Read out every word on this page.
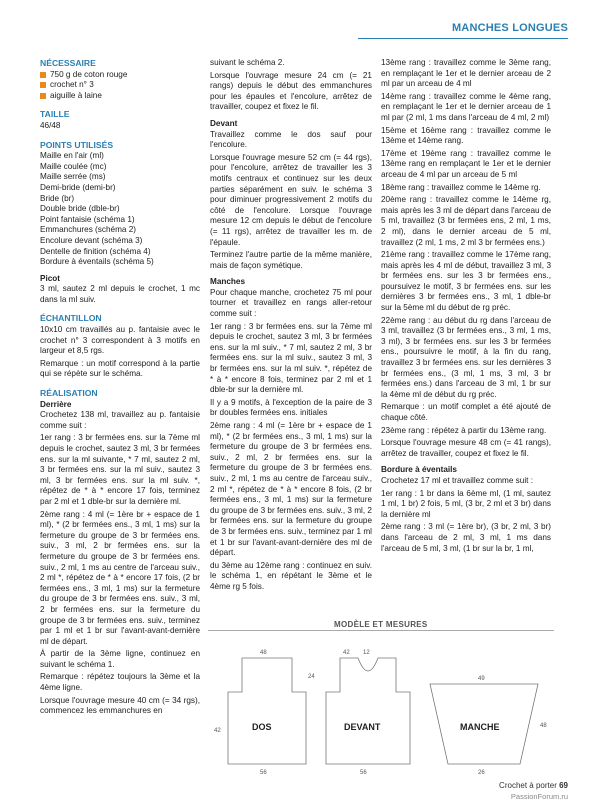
MANCHES LONGUES
NÉCESSAIRE
750 g de coton rouge
crochet n° 3
aiguille à laine
TAILLE
46/48
POINTS UTILISÉS
Maille en l'air (ml)
Maille coulée (mc)
Maille serrée (ms)
Demi-bride (demi-br)
Bride (br)
Double bride (dble-br)
Point fantaisie (schéma 1)
Emmanchures (schéma 2)
Encolure devant (schéma 3)
Dentelle de finition (schéma 4)
Bordure à éventails (schéma 5)
Picot
3 ml, sautez 2 ml depuis le crochet, 1 mc dans la ml suiv.
ÉCHANTILLON
10x10 cm travaillés au p. fantaisie avec le crochet n° 3 correspondent à 3 motifs en largeur et 8,5 rgs.
Remarque : un motif correspond à la partie qui se répète sur le schéma.
RÉALISATION
Derrière
Crochetez 138 ml, travaillez au p. fantaisie comme suit :
1er rang : 3 br fermées ens. sur la 7ème ml depuis le crochet, sautez 3 ml, 3 br fermées ens. sur la ml suivante, * 7 ml, sautez 2 ml, 3 br fermées ens. sur la ml suiv., sautez 3 ml, 3 br fermées ens. sur la ml suiv. *, répétez de * à * encore 17 fois, terminez par 2 ml et 1 dble-br sur la dernière ml.
2ème rang : 4 ml (= 1ère br + espace de 1 ml), * (2 br fermées ens., 3 ml, 1 ms) sur la fermeture du groupe de 3 br fermées ens. suiv., 3 ml, 2 br fermées ens. sur la fermeture du groupe de 3 br fermées ens. suiv., 2 ml, 1 ms au centre de l'arceau suiv., 2 ml *, répétez de * à * encore 17 fois, (2 br fermées ens., 3 ml, 1 ms) sur la fermeture du groupe de 3 br fermées ens. suiv., 3 ml, 2 br fermées ens. sur la fermeture du groupe de 3 br fermées ens. suiv., terminez par 1 ml et 1 br sur l'avant-avant-dernière ml de départ.
À partir de la 3ème ligne, continuez en suivant le schéma 1.
Remarque : répétez toujours la 3ème et la 4ème ligne.
Lorsque l'ouvrage mesure 40 cm (= 34 rgs), commencez les emmanchures en
suivant le schéma 2.
Lorsque l'ouvrage mesure 24 cm (= 21 rangs) depuis le début des emmanchures pour les épaules et l'encolure, arrêtez de travailler, coupez et fixez le fil.
Devant
Travaillez comme le dos sauf pour l'encolure.
Lorsque l'ouvrage mesure 52 cm (= 44 rgs), pour l'encolure, arrêtez de travailler les 3 motifs centraux et continuez sur les deux parties séparément en suiv. le schéma 3 pour diminuer progressivement 2 motifs du côté de l'encolure. Lorsque l'ouvrage mesure 12 cm depuis le début de l'encolure (= 11 rgs), arrêtez de travailler les m. de l'épaule.
Terminez l'autre partie de la même manière, mais de façon symétique.
Manches
Pour chaque manche, crochetez 75 ml pour tourner et travaillez en rangs aller-retour comme suit :
1er rang : 3 br fermées ens. sur la 7ème ml depuis le crochet, sautez 3 ml, 3 br fermées ens. sur la ml suiv., * 7 ml, sautez 2 ml, 3 br fermées ens. sur la ml suiv., sautez 3 ml, 3 br fermées ens. sur la ml suiv. *, répétez de * à * encore 8 fois, terminez par 2 ml et 1 dble-br sur la dernière ml.
Il y a 9 motifs, à l'exception de la paire de 3 br doubles fermées ens. initiales
2ème rang : 4 ml (= 1ère br + espace de 1 ml), * (2 br fermées ens., 3 ml, 1 ms) sur la fermeture du groupe de 3 br fermées ens. suiv., 2 ml, 2 br fermées ens. sur la fermeture du groupe de 3 br fermées ens. suiv., 2 ml, 1 ms au centre de l'arceau suiv., 2 ml *, répétez de * à * encore 8 fois, (2 br fermées ens., 3 ml, 1 ms) sur la fermeture du groupe de 3 br fermées ens. suiv., 3 ml, 2 br fermées ens. sur la fermeture du groupe de 3 br fermées ens. suiv., terminez par 1 ml et 1 br sur l'avant-avant-dernière des ml de départ.
du 3ème au 12ème rang : continuez en suiv. le schéma 1, en répétant le 3ème et le 4ème rg 5 fois.
13ème rang : travaillez comme le 3ème rang, en remplaçant le 1er et le dernier arceau de 2 ml par un arceau de 4 ml
14ème rang : travaillez comme le 4ème rang, en remplaçant le 1er et le dernier arceau de 1 ml par (2 ml, 1 ms dans l'arceau de 4 ml, 2 ml)
15ème et 16ème rang : travaillez comme le 13ème et 14ème rang.
17ème et 19ème rang : travaillez comme le 13ème rang en remplaçant le 1er et le dernier arceau de 4 ml par un arceau de 5 ml
18ème rang : travaillez comme le 14ème rg.
20ème rang : travaillez comme le 14ème rg, mais après les 3 ml de départ dans l'arceau de 5 ml, travaillez (3 br fermées ens, 2 ml, 1 ms, 2 ml), dans le dernier arceau de 5 ml, travaillez (2 ml, 1 ms, 2 ml 3 br fermées ens.)
21ème rang : travaillez comme le 17ème rang, mais après les 4 ml de début, travaillez 3 ml, 3 br fermées ens. sur les 3 br fermées ens., poursuivez le motif, 3 br fermées ens. sur les dernières 3 br fermées ens., 3 ml, 1 dble-br sur la 5ème ml du début de rg préc.
22ème rang : au début du rg dans l'arceau de 3 ml, travaillez (3 br fermées ens., 3 ml, 1 ms, 3 ml), 3 br fermées ens. sur les 3 br fermées ens., poursuivre le motif, à la fin du rang, travaillez 3 br fermées ens. sur les dernières 3 br fermées ens., (3 ml, 1 ms, 3 ml, 3 br fermées ens.) dans l'arceau de 3 ml, 1 br sur la 4ème ml de début du rg préc.
Remarque : un motif complet a été ajouté de chaque côté.
23ème rang : répétez à partir du 13ème rang.
Lorsque l'ouvrage mesure 48 cm (= 41 rangs), arrêtez de travailler, coupez et fixez le fil.
Bordure à éventails
Crochetez 17 ml et travaillez comme suit :
1er rang : 1 br dans la 6ème ml, (1 ml, sautez 1 ml, 1 br) 2 fois, 5 ml, (3 br, 2 ml et 3 br) dans la dernière ml
2ème rang : 3 ml (= 1ère br), (3 br, 2 ml, 3 br) dans l'arceau de 2 ml, 3 ml, 1 ms dans l'arceau de 5 ml, 3 ml, (1 br sur la br, 1 ml,
MODÈLE ET MESURES
48
42
24
56
42 12
56
49
48
26
DOS	DEVANT	MANCHE
Crochet à porter 69
PassionForum.ru
